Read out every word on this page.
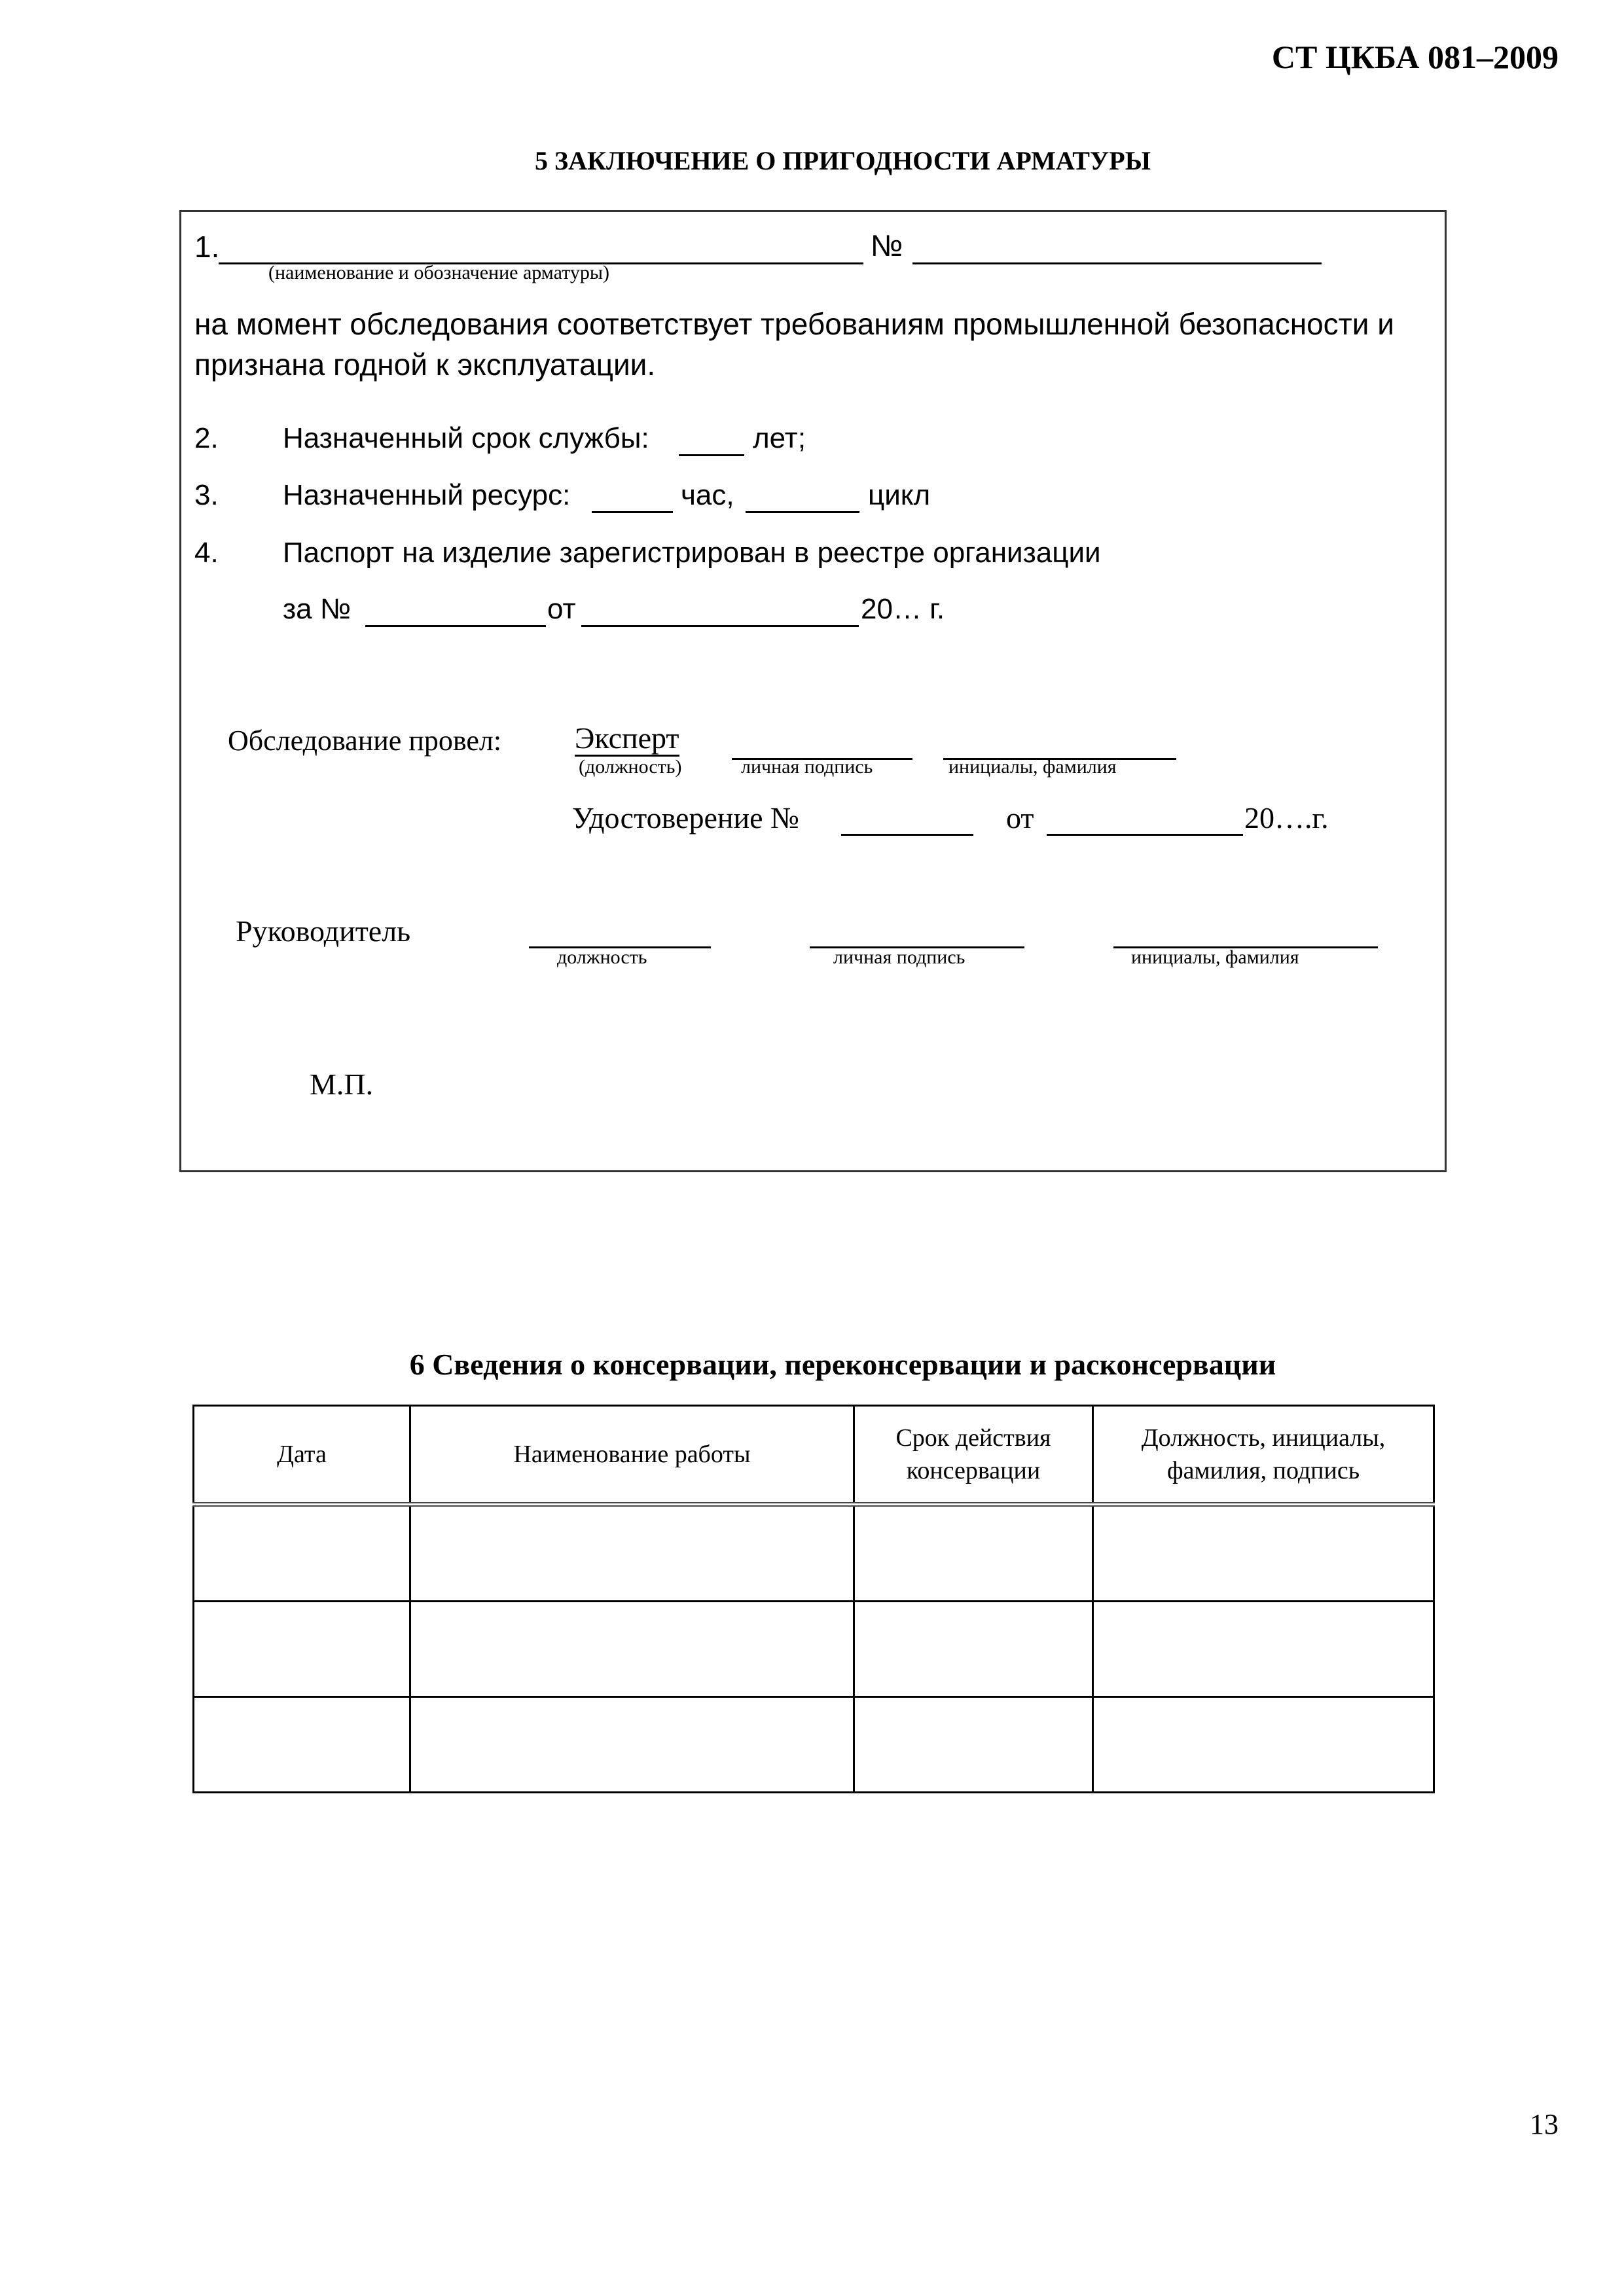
СТ ЦКБА 081–2009
5 ЗАКЛЮЧЕНИЕ О ПРИГОДНОСТИ АРМАТУРЫ
1.	№
(наименование и обозначение арматуры)
на момент обследования соответствует требованиям промышленной безопасности и
признана годной к эксплуатации.
2. Назначенный срок службы:	лет;
3. Назначенный ресурс:	час,	цикл
4. Паспорт на изделие зарегистрирован в реестре организации
за №	от	20… г.
Обследование провел: Эксперт
(должность)	личная подпись	инициалы, фамилия
Удостоверение №	от	20….г.
Руководитель
должность	личная подпись	инициалы, фамилия
М.П.
6 Сведения о консервации, переконсервации и расконсервации
Дата	Наименование работы	Срок действия консервации	Должность, инициалы, фамилия, подпись

13
